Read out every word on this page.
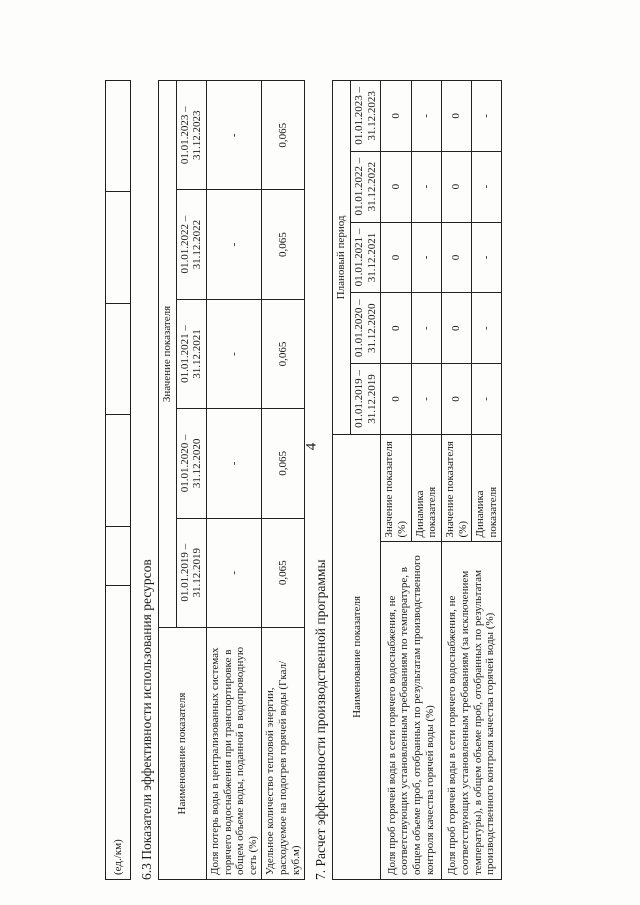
4
(ед./км)					6.3 Показатели эффективности использования ресурсов Наименование показателя	Значение показателя				
	01.01.2019 – 31.12.2019	01.01.2020 – 31.12.2020	01.01.2021 – 31.12.2021	01.01.2022 – 31.12.2022	01.01.2023 – 31.12.2023
Доля потерь воды в централизованных системах горячего водоснабжения при транспортировке в общем объеме воды, поданной в водопроводную сеть (%)	-	-	-	-	-
Удельное количество тепловой энергии, расходуемое на подогрев горячей воды (Гкал/куб.м)	0,065	0,065	0,065	0,065	0,065
7. Расчет эффективности производственной программы Наименование показателя		Плановый период				
		01.01.2019 – 31.12.2019	01.01.2020 – 31.12.2020	01.01.2021 – 31.12.2021	01.01.2022 – 31.12.2022	01.01.2023 – 31.12.2023
Доля проб горячей воды в сети горячего водоснабжения, не соответствующих установленным требованиям по температуре, в общем объеме проб, отобранных по результатам производственного контроля качества горячей воды (%)	Значение показателя (%)	0	0	0	0	0
	Динамика показателя	-	-	-	-	-
Доля проб горячей воды в сети горячего водоснабжения, не соответствующих установленным требованиям (за исключением температуры), в общем объеме проб, отобранных по результатам производственного контроля качества горячей воды (%)	Значение показателя (%)	0	0	0	0	0
	Динамика показателя	-	-	-	-	-
